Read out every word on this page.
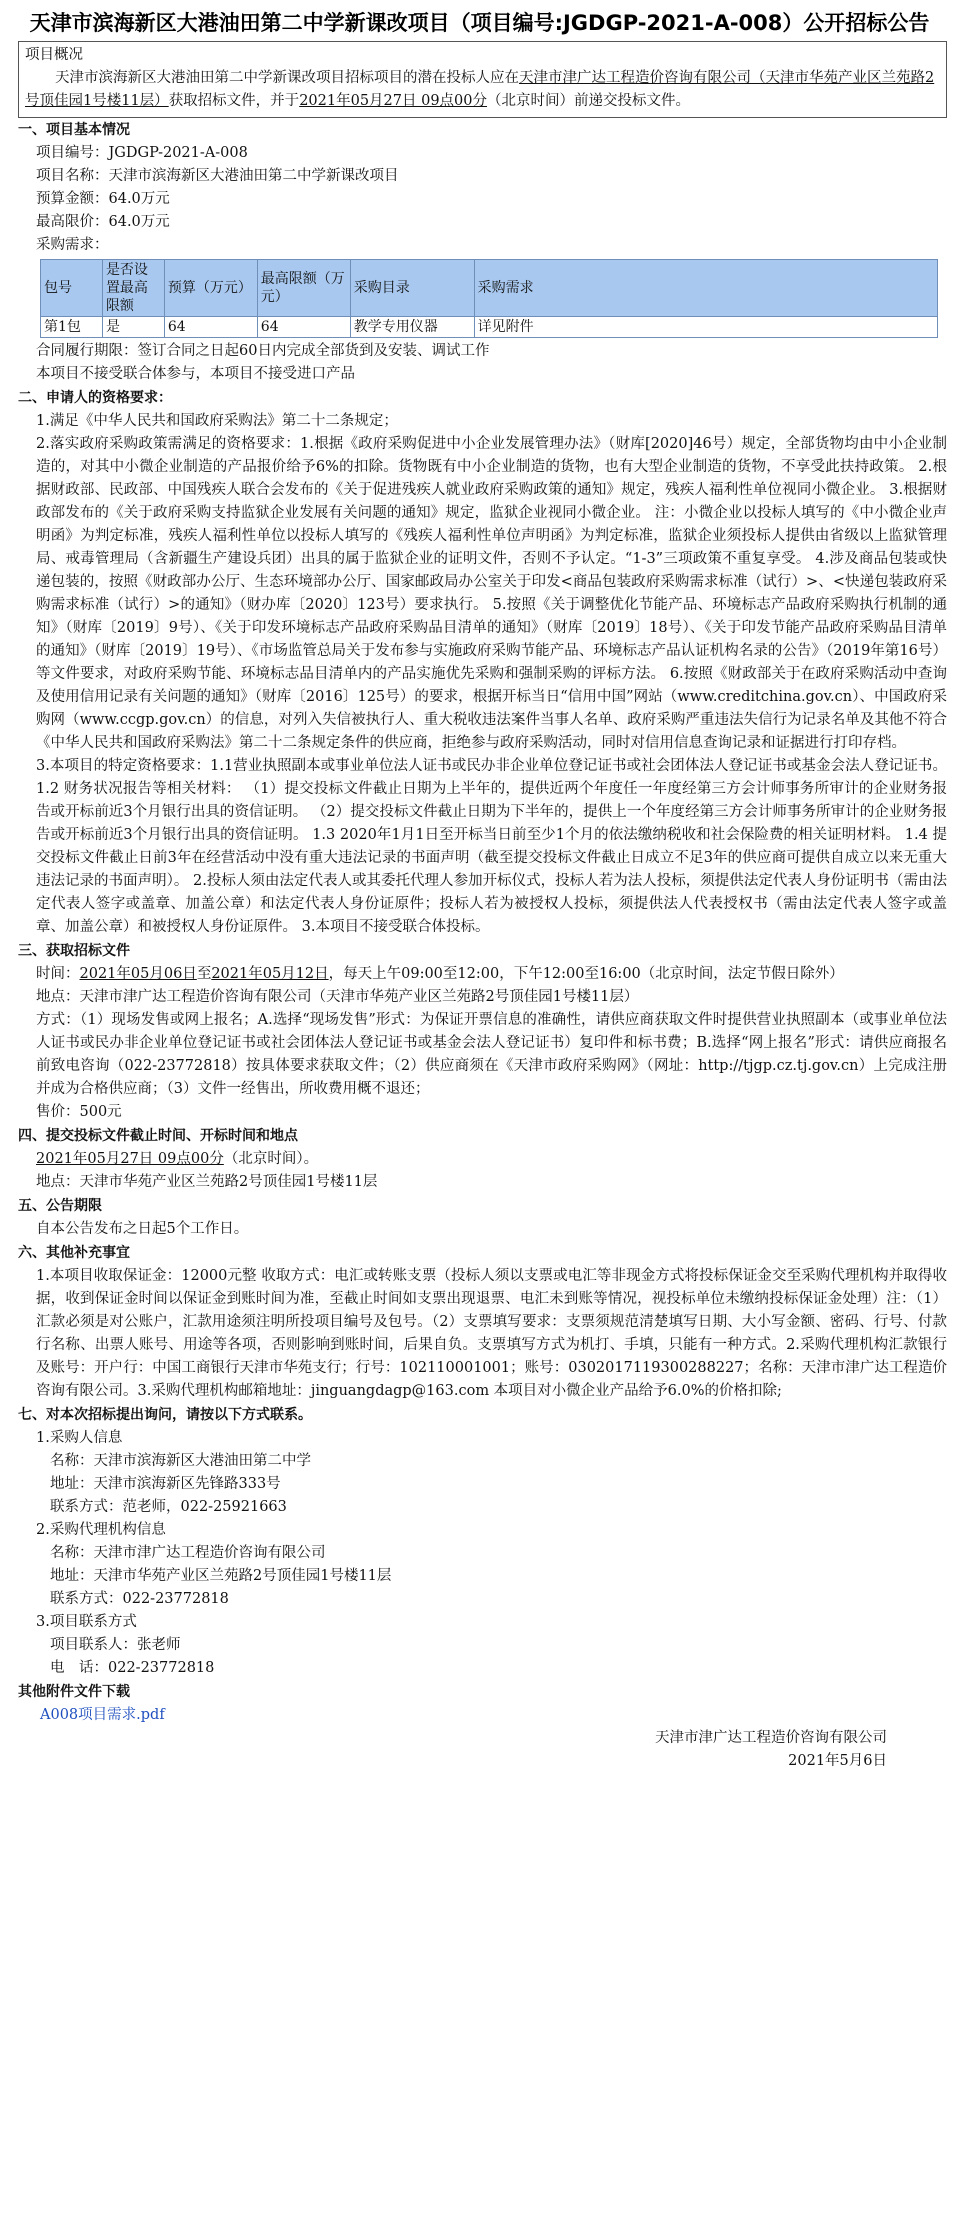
天津市滨海新区大港油田第二中学新课改项目（项目编号:JGDGP-2021-A-008）公开招标公告

项目概况

天津市滨海新区大港油田第二中学新课改项目招标项目的潜在投标人应在天津市津广达工程造价咨询有限公司（天津市华苑产业区兰苑路2号顶佳园1号楼11层）获取招标文件，并于2021年05月27日 09点00分（北京时间）前递交投标文件。

一、项目基本情况

项目编号：JGDGP-2021-A-008

项目名称：天津市滨海新区大港油田第二中学新课改项目

预算金额：64.0万元

最高限价：64.0万元

采购需求：

包号	是否设置最高限额	预算（万元）	最高限额（万元）	采购目录	采购需求
第1包	是	64	64	教学专用仪器	详见附件

合同履行期限：签订合同之日起60日内完成全部货到及安装、调试工作

本项目不接受联合体参与，本项目不接受进口产品

二、申请人的资格要求：

1.满足《中华人民共和国政府采购法》第二十二条规定；

2.落实政府采购政策需满足的资格要求：1.根据《政府采购促进中小企业发展管理办法》（财库[2020]46号）规定，全部货物均由中小企业制造的，对其中小微企业制造的产品报价给予6%的扣除。货物既有中小企业制造的货物，也有大型企业制造的货物，不享受此扶持政策。 2.根据财政部、民政部、中国残疾人联合会发布的《关于促进残疾人就业政府采购政策的通知》规定，残疾人福利性单位视同小微企业。 3.根据财政部发布的《关于政府采购支持监狱企业发展有关问题的通知》规定，监狱企业视同小微企业。 注：小微企业以投标人填写的《中小微企业声明函》为判定标准，残疾人福利性单位以投标人填写的《残疾人福利性单位声明函》为判定标准，监狱企业须投标人提供由省级以上监狱管理局、戒毒管理局（含新疆生产建设兵团）出具的属于监狱企业的证明文件，否则不予认定。“1-3”三项政策不重复享受。 4.涉及商品包装或快递包装的，按照《财政部办公厅、生态环境部办公厅、国家邮政局办公室关于印发<商品包装政府采购需求标准（试行）>、<快递包装政府采购需求标准（试行）>的通知》（财办库〔2020〕123号）要求执行。 5.按照《关于调整优化节能产品、环境标志产品政府采购执行机制的通知》（财库〔2019〕9号）、《关于印发环境标志产品政府采购品目清单的通知》（财库〔2019〕18号）、《关于印发节能产品政府采购品目清单的通知》（财库〔2019〕19号）、《市场监管总局关于发布参与实施政府采购节能产品、环境标志产品认证机构名录的公告》（2019年第16号）等文件要求，对政府采购节能、环境标志品目清单内的产品实施优先采购和强制采购的评标方法。 6.按照《财政部关于在政府采购活动中查询及使用信用记录有关问题的通知》（财库〔2016〕125号）的要求，根据开标当日“信用中国”网站（www.creditchina.gov.cn）、中国政府采购网（www.ccgp.gov.cn）的信息，对列入失信被执行人、重大税收违法案件当事人名单、政府采购严重违法失信行为记录名单及其他不符合《中华人民共和国政府采购法》第二十二条规定条件的供应商，拒绝参与政府采购活动，同时对信用信息查询记录和证据进行打印存档。

3.本项目的特定资格要求：1.1营业执照副本或事业单位法人证书或民办非企业单位登记证书或社会团体法人登记证书或基金会法人登记证书。 1.2 财务状况报告等相关材料： （1）提交投标文件截止日期为上半年的，提供近两个年度任一年度经第三方会计师事务所审计的企业财务报告或开标前近3个月银行出具的资信证明。 （2）提交投标文件截止日期为下半年的，提供上一个年度经第三方会计师事务所审计的企业财务报告或开标前近3个月银行出具的资信证明。 1.3 2020年1月1日至开标当日前至少1个月的依法缴纳税收和社会保险费的相关证明材料。 1.4 提交投标文件截止日前3年在经营活动中没有重大违法记录的书面声明（截至提交投标文件截止日成立不足3年的供应商可提供自成立以来无重大违法记录的书面声明）。 2.投标人须由法定代表人或其委托代理人参加开标仪式，投标人若为法人投标，须提供法定代表人身份证明书（需由法定代表人签字或盖章、加盖公章）和法定代表人身份证原件；投标人若为被授权人投标，须提供法人代表授权书（需由法定代表人签字或盖章、加盖公章）和被授权人身份证原件。 3.本项目不接受联合体投标。

三、获取招标文件

时间：2021年05月06日至2021年05月12日，每天上午09:00至12:00，下午12:00至16:00（北京时间，法定节假日除外）

地点：天津市津广达工程造价咨询有限公司（天津市华苑产业区兰苑路2号顶佳园1号楼11层）

方式：（1）现场发售或网上报名；A.选择“现场发售”形式：为保证开票信息的准确性，请供应商获取文件时提供营业执照副本（或事业单位法人证书或民办非企业单位登记证书或社会团体法人登记证书或基金会法人登记证书）复印件和标书费；B.选择“网上报名”形式：请供应商报名前致电咨询（022-23772818）按具体要求获取文件；（2）供应商须在《天津市政府采购网》（网址：http://tjgp.cz.tj.gov.cn）上完成注册并成为合格供应商；（3）文件一经售出，所收费用概不退还；

售价：500元

四、提交投标文件截止时间、开标时间和地点

2021年05月27日 09点00分（北京时间）。

地点：天津市华苑产业区兰苑路2号顶佳园1号楼11层

五、公告期限

自本公告发布之日起5个工作日。

六、其他补充事宜

1.本项目收取保证金：12000元整 收取方式：电汇或转账支票（投标人须以支票或电汇等非现金方式将投标保证金交至采购代理机构并取得收据，收到保证金时间以保证金到账时间为准，至截止时间如支票出现退票、电汇未到账等情况，视投标单位未缴纳投标保证金处理）注：（1）汇款必须是对公账户，汇款用途须注明所投项目编号及包号。（2）支票填写要求：支票须规范清楚填写日期、大小写金额、密码、行号、付款行名称、出票人账号、用途等各项，否则影响到账时间，后果自负。支票填写方式为机打、手填，只能有一种方式。2.采购代理机构汇款银行及账号：开户行：中国工商银行天津市华苑支行；行号：102110001001；账号：0302017119300288227；名称：天津市津广达工程造价咨询有限公司。3.采购代理机构邮箱地址：jinguangdagp@163.com 本项目对小微企业产品给予6.0%的价格扣除;

七、对本次招标提出询问，请按以下方式联系。

1.采购人信息

名称：天津市滨海新区大港油田第二中学

地址：天津市滨海新区先锋路333号

联系方式：范老师，022-25921663

2.采购代理机构信息

名称：天津市津广达工程造价咨询有限公司

地址：天津市华苑产业区兰苑路2号顶佳园1号楼11层

联系方式：022-23772818

3.项目联系方式

项目联系人：张老师

电　话：022-23772818

其他附件文件下载

A008项目需求.pdf

天津市津广达工程造价咨询有限公司

2021年5月6日
